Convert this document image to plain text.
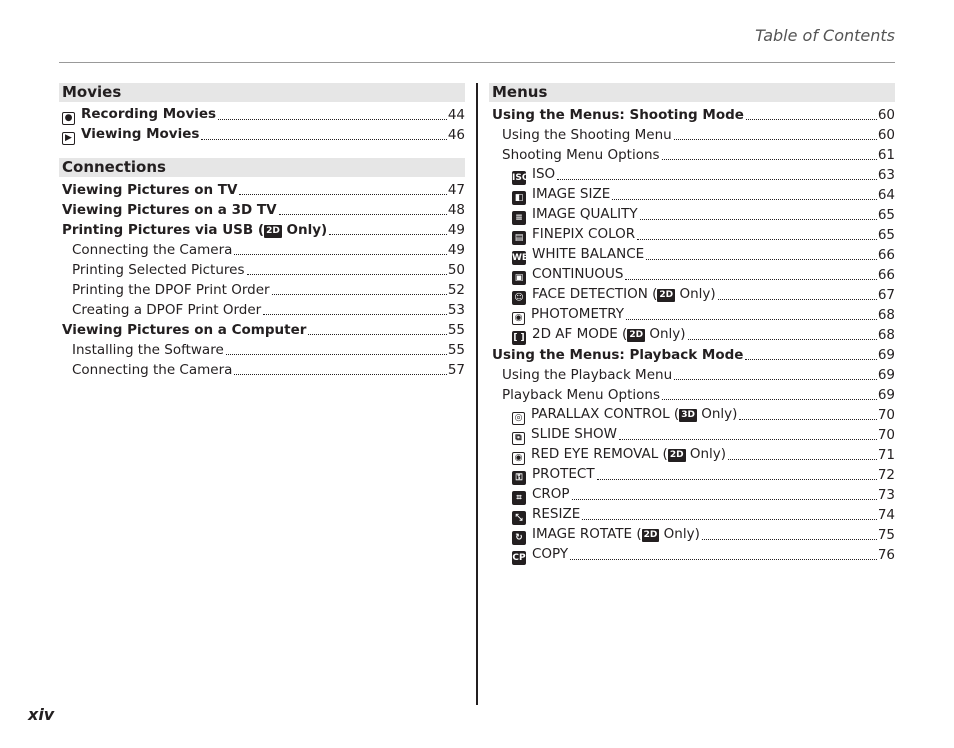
Table of Contents
Movies
● Recording Movies	44
▶ Viewing Movies	46
Connections
Viewing Pictures on TV	47
Viewing Pictures on a 3D TV	48
Printing Pictures via USB ( 2D Only)	49
Connecting the Camera	49
Printing Selected Pictures	50
Printing the DPOF Print Order	52
Creating a DPOF Print Order	53
Viewing Pictures on a Computer	55
Installing the Software	55
Connecting the Camera	57
Menus
Using the Menus: Shooting Mode	60
Using the Shooting Menu	60
Shooting Menu Options	61
ISO ISO	63
◧ IMAGE SIZE	64
≡ IMAGE QUALITY	65
▤ FINEPIX COLOR	65
WB WHITE BALANCE	66
▣ CONTINUOUS	66
☺ FACE DETECTION ( 2D Only)	67
◉ PHOTOMETRY	68
[ ] 2D AF MODE ( 2D Only)	68
Using the Menus: Playback Mode	69
Using the Playback Menu	69
Playback Menu Options	69
◎ PARALLAX CONTROL ( 3D Only)	70
⧉ SLIDE SHOW	70
◉ RED EYE REMOVAL ( 2D Only)	71
⚿ PROTECT	72
⌗ CROP	73
⤡ RESIZE	74
↻ IMAGE ROTATE ( 2D Only)	75
CP COPY	76
xiv
